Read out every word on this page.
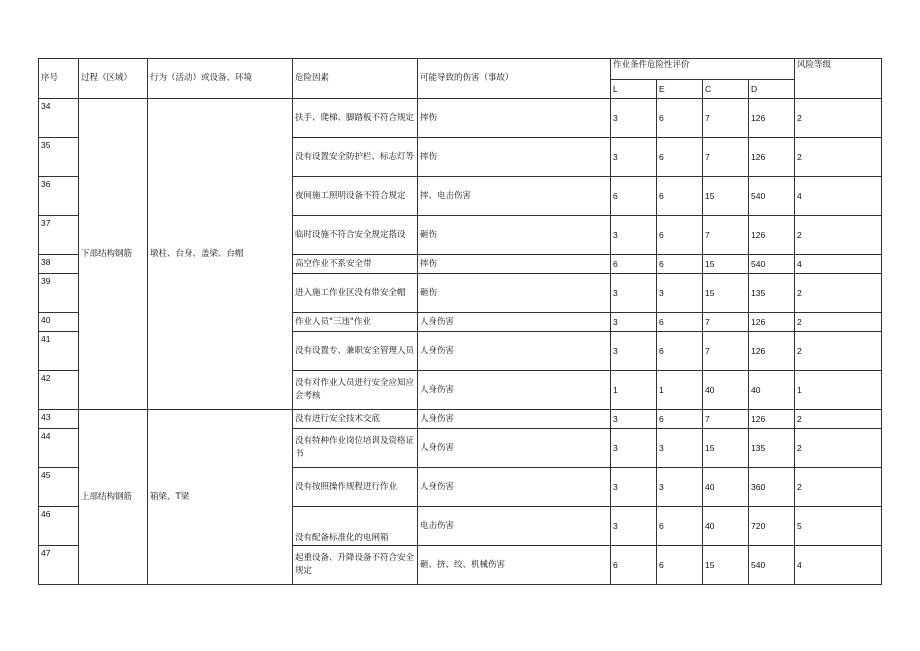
序号	过程（区域）	行为（活动）或设备、环境	危险因素	可能导致的伤害（事故）	作业条件危险性评价				风险等级
					L	E	C	D	
34	下部结构钢筋	墩柱、台身、盖梁、台帽	扶手、爬梯、脚踏板不符合规定	摔伤	3	6	7	126	2
35			没有设置安全防护栏、标志灯等	摔伤	3	6	7	126	2
36			夜间施工照明设备不符合规定	摔、电击伤害	6	6	15	540	4
37			临时设施不符合安全规定搭设	砸伤	3	6	7	126	2
38			高空作业不系安全带	摔伤	6	6	15	540	4
39			进入施工作业区没有带安全帽	砸伤	3	3	15	135	2
40			作业人员"三违"作业	人身伤害	3	6	7	126	2
41			没有设置专、兼职安全管理人员	人身伤害	3	6	7	126	2
42			没有对作业人员进行安全应知应会考核	人身伤害	1	1	40	40	1
43	上部结构钢筋	箱梁、T梁	没有进行安全技术交底	人身伤害	3	6	7	126	2
44			没有特种作业岗位培训及资格证书	人身伤害	3	3	15	135	2
45			没有按照操作规程进行作业	人身伤害	3	3	40	360	2
46			没有配备标准化的电闸箱	电击伤害	3	6	40	720	5
47			起重设备、升降设备不符合安全规定	砸、挤、绞、机械伤害	6	6	15	540	4
